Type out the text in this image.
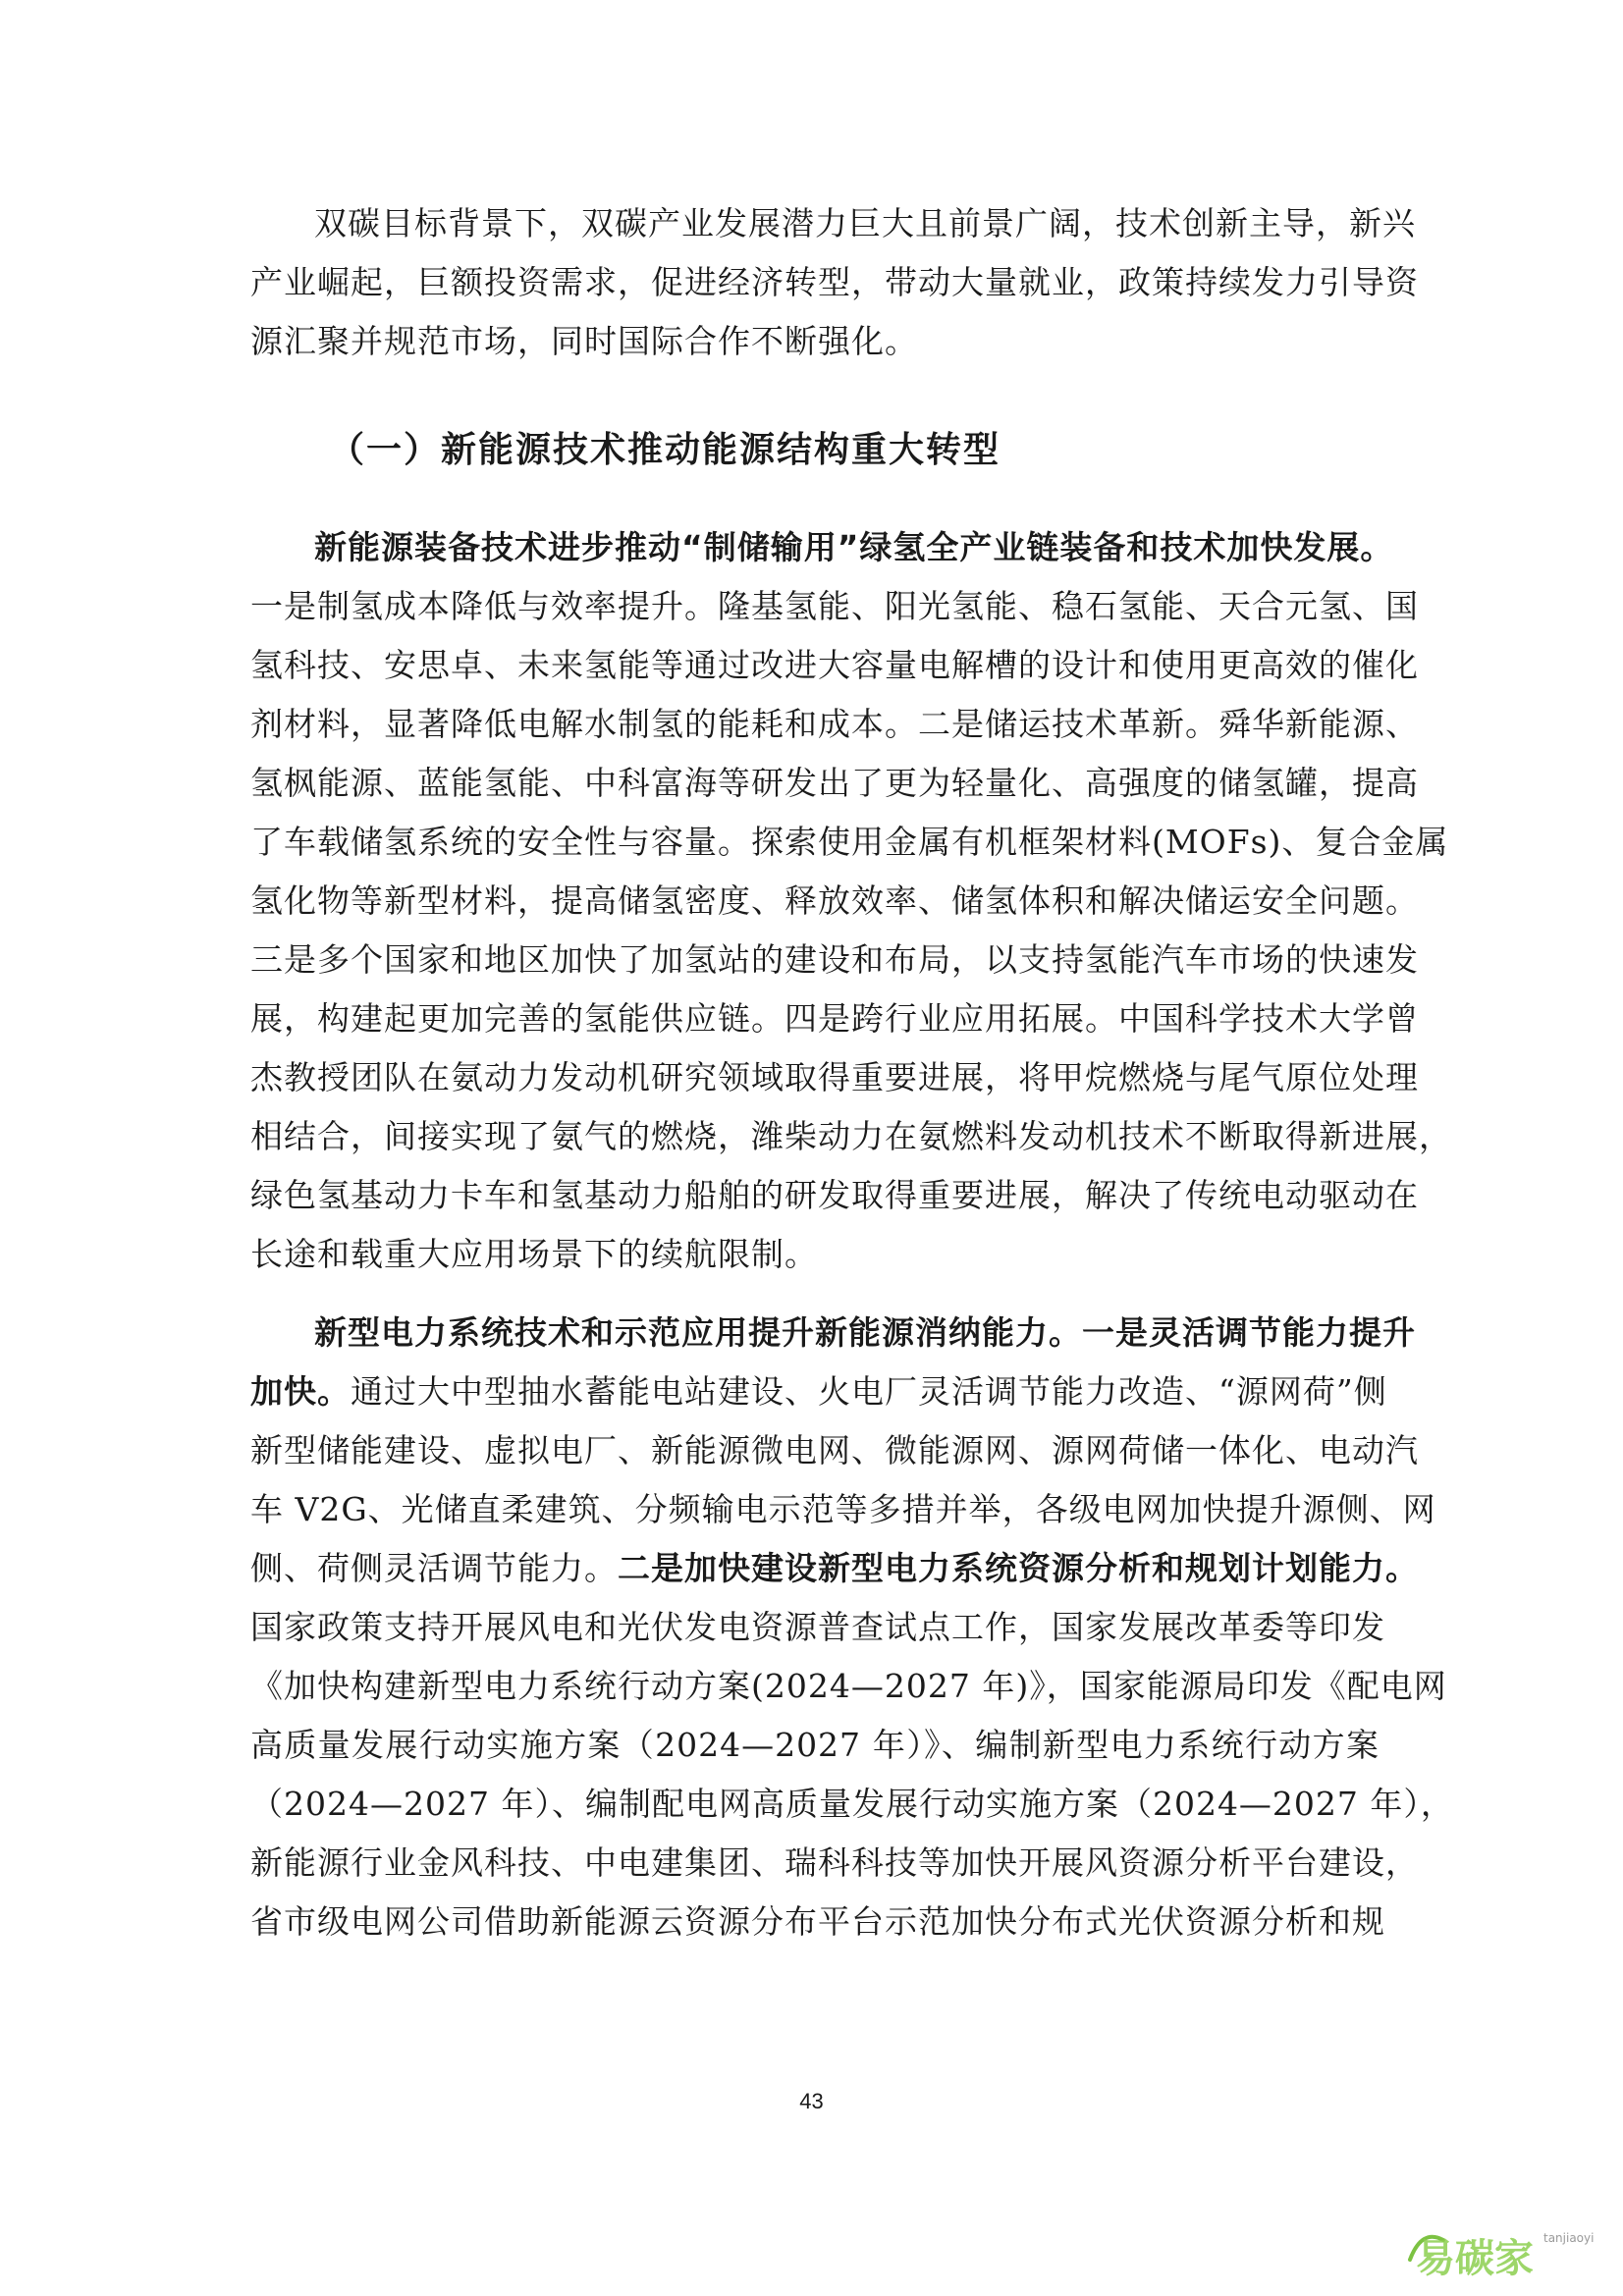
双碳目标背景下，双碳产业发展潜力巨大且前景广阔，技术创新主导，新兴
产业崛起，巨额投资需求，促进经济转型，带动大量就业，政策持续发力引导资
源汇聚并规范市场，同时国际合作不断强化。
（一）新能源技术推动能源结构重大转型
新能源装备技术进步推动“制储输用”绿氢全产业链装备和技术加快发展。
一是制氢成本降低与效率提升。隆基氢能、阳光氢能、稳石氢能、天合元氢、国
氢科技、安思卓、未来氢能等通过改进大容量电解槽的设计和使用更高效的催化
剂材料，显著降低电解水制氢的能耗和成本。二是储运技术革新。舜华新能源、
氢枫能源、蓝能氢能、中科富海等研发出了更为轻量化、高强度的储氢罐，提高
了车载储氢系统的安全性与容量。探索使用金属有机框架材料(MOFs)、复合金属
氢化物等新型材料，提高储氢密度、释放效率、储氢体积和解决储运安全问题。
三是多个国家和地区加快了加氢站的建设和布局，以支持氢能汽车市场的快速发
展，构建起更加完善的氢能供应链。四是跨行业应用拓展。中国科学技术大学曾
杰教授团队在氨动力发动机研究领域取得重要进展，将甲烷燃烧与尾气原位处理
相结合，间接实现了氨气的燃烧，潍柴动力在氨燃料发动机技术不断取得新进展，
绿色氢基动力卡车和氢基动力船舶的研发取得重要进展，解决了传统电动驱动在
长途和载重大应用场景下的续航限制。
新型电力系统技术和示范应用提升新能源消纳能力。一是灵活调节能力提升
加快。通过大中型抽水蓄能电站建设、火电厂灵活调节能力改造、“源网荷”侧
新型储能建设、虚拟电厂、新能源微电网、微能源网、源网荷储一体化、电动汽
车 V2G、光储直柔建筑、分频输电示范等多措并举，各级电网加快提升源侧、网
侧、荷侧灵活调节能力。二是加快建设新型电力系统资源分析和规划计划能力。
国家政策支持开展风电和光伏发电资源普查试点工作，国家发展改革委等印发
《加快构建新型电力系统行动方案(2024—2027 年)》，国家能源局印发《配电网
高质量发展行动实施方案（2024—2027 年）》、编制新型电力系统行动方案
（2024—2027 年）、编制配电网高质量发展行动实施方案（2024—2027 年），
新能源行业金风科技、中电建集团、瑞科科技等加快开展风资源分析平台建设，
省市级电网公司借助新能源云资源分布平台示范加快分布式光伏资源分析和规
43
易碳家 tanjiaoyi
